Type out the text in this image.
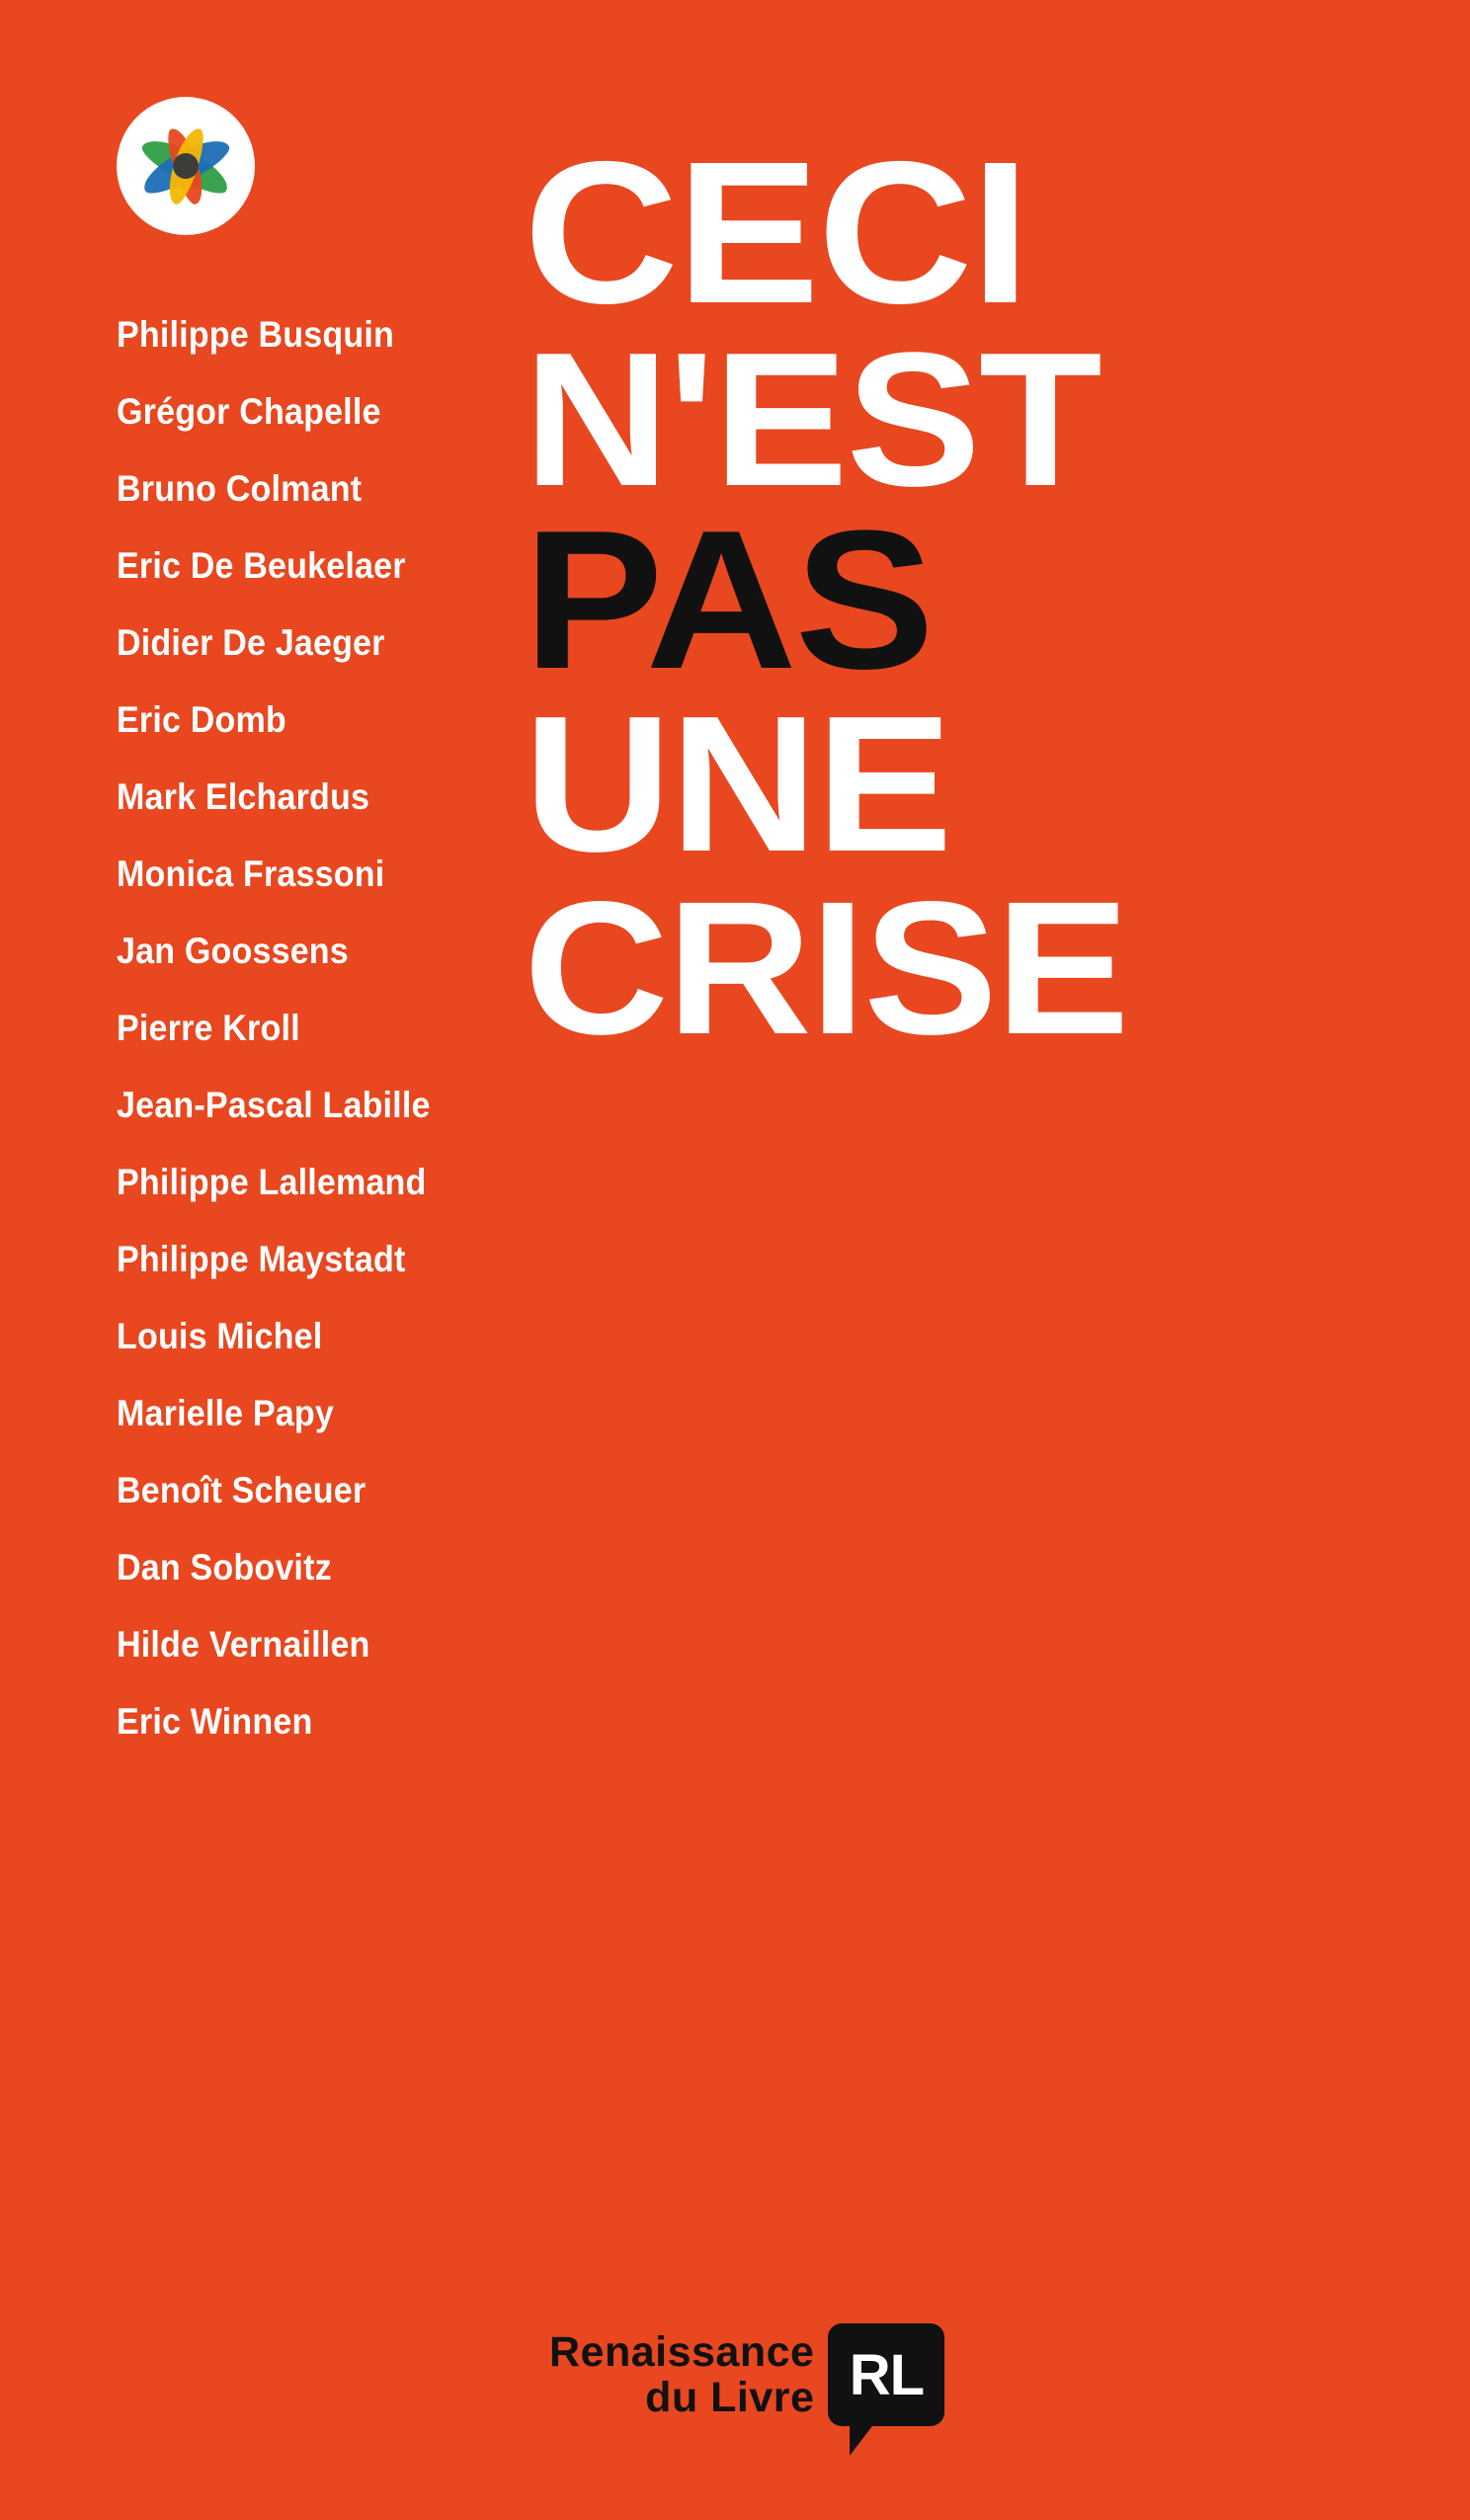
Philippe Busquin
Grégor Chapelle
Bruno Colmant
Eric De Beukelaer
Didier De Jaeger
Eric Domb
Mark Elchardus
Monica Frassoni
Jan Goossens
Pierre Kroll
Jean-Pascal Labille
Philippe Lallemand
Philippe Maystadt
Louis Michel
Marielle Papy
Benoît Scheuer
Dan Sobovitz
Hilde Vernaillen
Eric Winnen
CECI
N'EST
PAS
UNE
CRISE
Renaissance
du Livre RL
